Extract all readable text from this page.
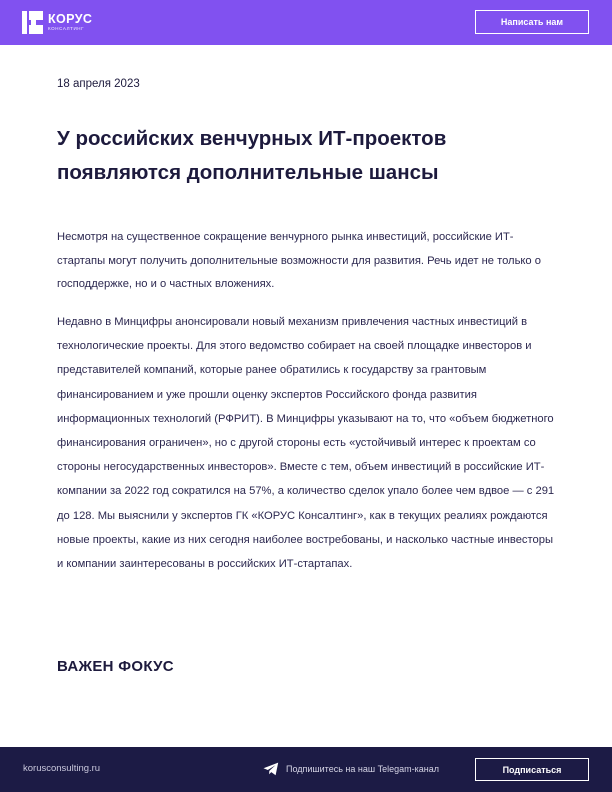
КОРУС
КОНСАЛТИНГ
Написать нам
18 апреля 2023
У российских венчурных ИТ-проектов появляются дополнительные шансы

Несмотря на существенное сокращение венчурного рынка инвестиций, российские ИТ-стартапы могут получить дополнительные возможности для развития. Речь идет не только о господдержке, но и о частных вложениях.

Недавно в Минцифры анонсировали новый механизм привлечения частных инвестиций в технологические проекты. Для этого ведомство собирает на своей площадке инвесторов и представителей компаний, которые ранее обратились к государству за грантовым финансированием и уже прошли оценку экспертов Российского фонда развития информационных технологий (РФРИТ). В Минцифры указывают на то, что «объем бюджетного финансирования ограничен», но с другой стороны есть «устойчивый интерес к проектам со стороны негосударственных инвесторов». Вместе с тем, объем инвестиций в российские ИТ-компании за 2022 год сократился на 57%, а количество сделок упало более чем вдвое — с 291 до 128. Мы выяснили у экспертов ГК «КОРУС Консалтинг», как в текущих реалиях рождаются новые проекты, какие из них сегодня наиболее востребованы, и насколько частные инвесторы и компании заинтересованы в российских ИТ-стартапах.

ВАЖЕН ФОКУС
korusconsulting.ru	Подпишитесь на наш Telegam-канал	Подписаться
